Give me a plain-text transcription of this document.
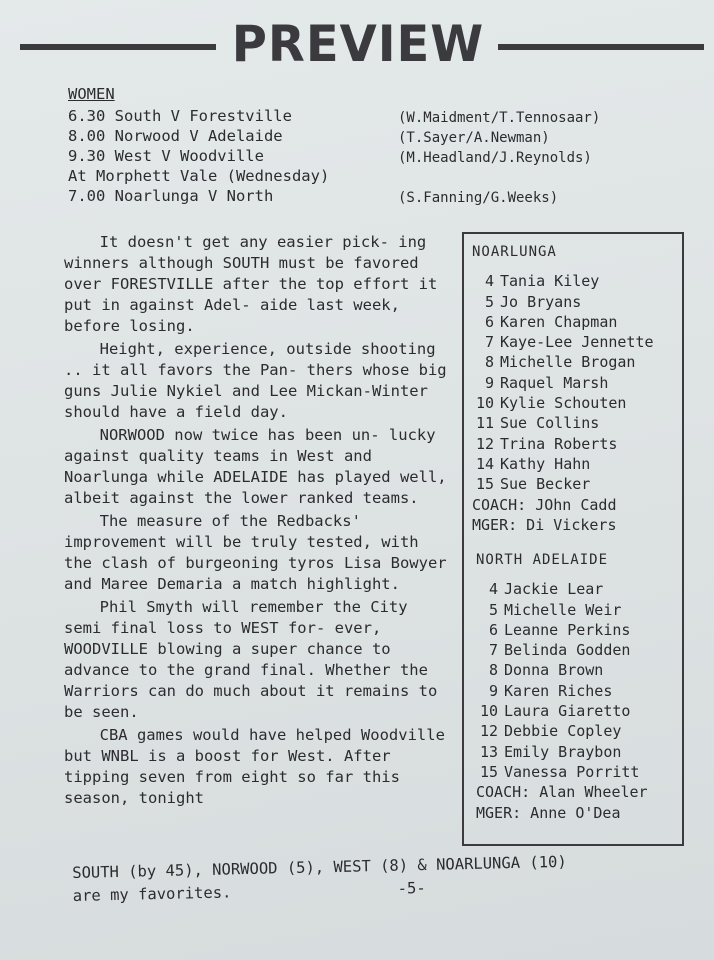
PREVIEW
WOMEN
6.30 South V Forestville	(W.Maidment/T.Tennosaar)
8.00 Norwood V Adelaide	(T.Sayer/A.Newman)
9.30 West V Woodville	(M.Headland/J.Reynolds)
At Morphett Vale (Wednesday)
7.00 Noarlunga V North	(S.Fanning/G.Weeks)

It doesn't get any easier pick- ing winners although SOUTH must be favored over FORESTVILLE after the top effort it put in against Adel- aide last week, before losing.

Height, experience, outside shooting .. it all favors the Pan- thers whose big guns Julie Nykiel and Lee Mickan-Winter should have a field day.

NORWOOD now twice has been un- lucky against quality teams in West and Noarlunga while ADELAIDE has played well, albeit against the lower ranked teams.

The measure of the Redbacks' improvement will be truly tested, with the clash of burgeoning tyros Lisa Bowyer and Maree Demaria a match highlight.

Phil Smyth will remember the City semi final loss to WEST for- ever, WOODVILLE blowing a super chance to advance to the grand final. Whether the Warriors can do much about it remains to be seen.

CBA games would have helped Woodville but WNBL is a boost for West. After tipping seven from eight so far this season, tonight

NOARLUNGA
4 Tania Kiley
5 Jo Bryans
6 Karen Chapman
7 Kaye-Lee Jennette
8 Michelle Brogan
9 Raquel Marsh
10 Kylie Schouten
11 Sue Collins
12 Trina Roberts
14 Kathy Hahn
15 Sue Becker
COACH: JOhn Cadd
MGER: Di Vickers
NORTH ADELAIDE
4 Jackie Lear
5 Michelle Weir
6 Leanne Perkins
7 Belinda Godden
8 Donna Brown
9 Karen Riches
10 Laura Giaretto
12 Debbie Copley
13 Emily Braybon
15 Vanessa Porritt
COACH: Alan Wheeler
MGER: Anne O'Dea
SOUTH (by 45), NORWOOD (5), WEST (8) & NOARLUNGA (10)
are my favorites.	-5-
